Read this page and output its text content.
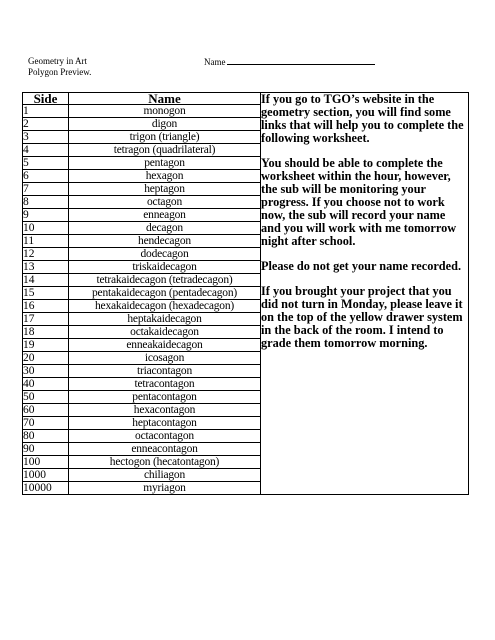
Geometry in Art
Polygon Preview.
Name
Side	Name	If you go to TGO’s website in the geometry section, you will find some links that will help you to complete the following worksheet.

You should be able to complete the worksheet within the hour, however, the sub will be monitoring your progress. If you choose not to work now, the sub will record your name and you will work with me tomorrow night after school.

Please do not get your name recorded.

If you brought your project that you did not turn in Monday, please leave it on the top of the yellow drawer system in the back of the room. I intend to grade them tomorrow morning.

1	monogon	
2	digon	
3	trigon (triangle)	
4	tetragon (quadrilateral)	
5	pentagon	
6	hexagon	
7	heptagon	
8	octagon	
9	enneagon	
10	decagon	
11	hendecagon	
12	dodecagon	
13	triskaidecagon	
14	tetrakaidecagon (tetradecagon)	
15	pentakaidecagon (pentadecagon)	
16	hexakaidecagon (hexadecagon)	
17	heptakaidecagon	
18	octakaidecagon	
19	enneakaidecagon	
20	icosagon	
30	triacontagon	
40	tetracontagon	
50	pentacontagon	
60	hexacontagon	
70	heptacontagon	
80	octacontagon	
90	enneacontagon	
100	hectogon (hecatontagon)	
1000	chiliagon	
10000	myriagon	
